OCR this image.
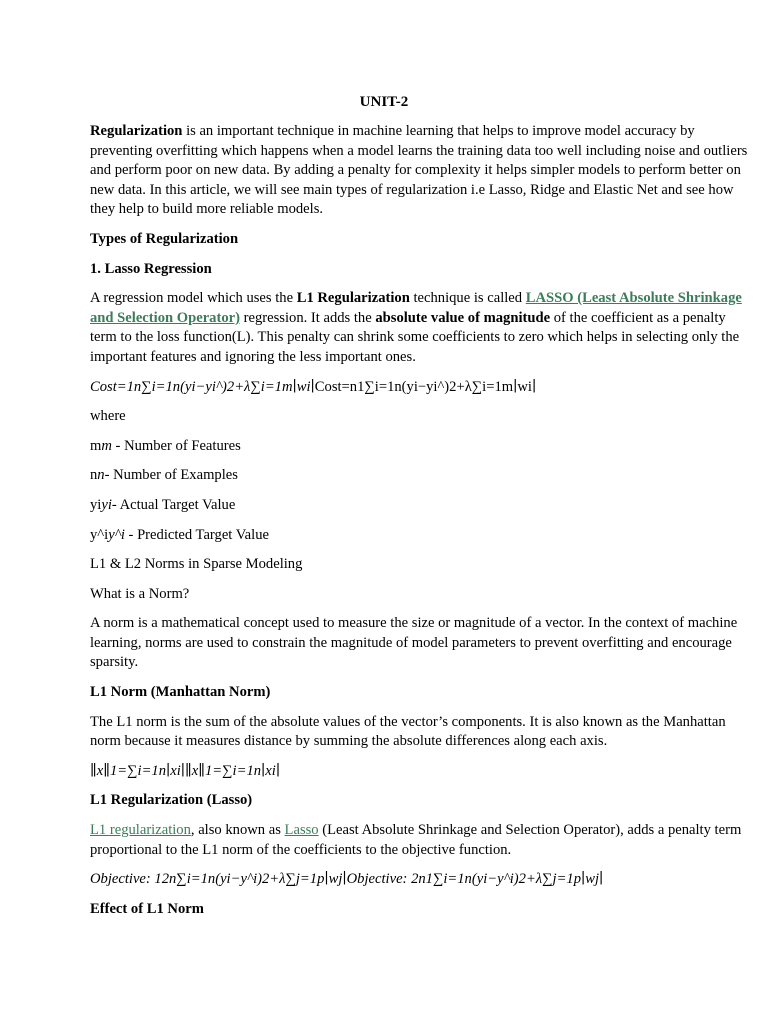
UNIT-2

Regularization is an important technique in machine learning that helps to improve model accuracy by preventing overfitting which happens when a model learns the training data too well including noise and outliers and perform poor on new data. By adding a penalty for complexity it helps simpler models to perform better on new data. In this article, we will see main types of regularization i.e Lasso, Ridge and Elastic Net and see how they help to build more reliable models.

Types of Regularization

1. Lasso Regression

A regression model which uses the L1 Regularization technique is called LASSO (Least Absolute Shrinkage and Selection Operator) regression. It adds the absolute value of magnitude of the coefficient as a penalty term to the loss function(L). This penalty can shrink some coefficients to zero which helps in selecting only the important features and ignoring the less important ones.

Cost=1n∑i=1n(yi−yi^)2+λ∑i=1m∣wi∣Cost=n1∑i=1n(yi−yi^)2+λ∑i=1m∣wi∣

where

mm - Number of Features

nn- Number of Examples

yiyi- Actual Target Value

y^iy^i - Predicted Target Value

L1 & L2 Norms in Sparse Modeling

What is a Norm?

A norm is a mathematical concept used to measure the size or magnitude of a vector. In the context of machine learning, norms are used to constrain the magnitude of model parameters to prevent overfitting and encourage sparsity.

L1 Norm (Manhattan Norm)

The L1 norm is the sum of the absolute values of the vector’s components. It is also known as the Manhattan norm because it measures distance by summing the absolute differences along each axis.

∥x∥1=∑i=1n∣xi∣∥x∥1=∑i=1n∣xi∣

L1 Regularization (Lasso)

L1 regularization, also known as Lasso (Least Absolute Shrinkage and Selection Operator), adds a penalty term proportional to the L1 norm of the coefficients to the objective function.

Objective: 12n∑i=1n(yi−y^i)2+λ∑j=1p∣wj∣Objective: 2n1∑i=1n(yi−y^i)2+λ∑j=1p∣wj∣

Effect of L1 Norm
